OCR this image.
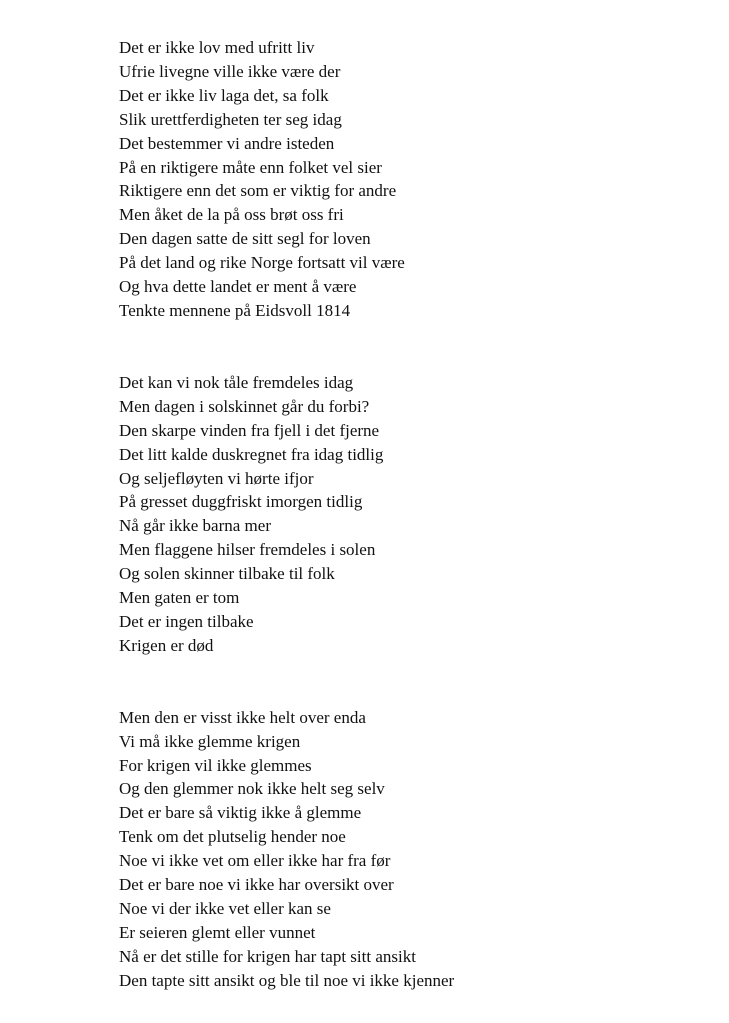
Det er ikke lov med ufritt liv
Ufrie livegne ville ikke være der
Det er ikke liv laga det, sa folk
Slik urettferdigheten ter seg idag
Det bestemmer vi andre isteden
På en riktigere måte enn folket vel sier
Riktigere enn det som er viktig for andre
Men åket de la på oss brøt oss fri
Den dagen satte de sitt segl for loven
På det land og rike Norge fortsatt vil være
Og hva dette landet er ment å være
Tenkte mennene på Eidsvoll 1814
Det kan vi nok tåle fremdeles idag
Men dagen i solskinnet går du forbi?
Den skarpe vinden fra fjell i det fjerne
Det litt kalde duskregnet fra idag tidlig
Og seljefløyten vi hørte ifjor
På gresset duggfriskt imorgen tidlig
Nå går ikke barna mer
Men flaggene hilser fremdeles i solen
Og solen skinner tilbake til folk
Men gaten er tom
Det er ingen tilbake
Krigen er død
Men den er visst ikke helt over enda
Vi må ikke glemme krigen
For krigen vil ikke glemmes
Og den glemmer nok ikke helt seg selv
Det er bare så viktig ikke å glemme
Tenk om det plutselig hender noe
Noe vi ikke vet om eller ikke har fra før
Det er bare noe vi ikke har oversikt over
Noe vi der ikke vet eller kan se
Er seieren glemt eller vunnet
Nå er det stille for krigen har tapt sitt ansikt
Den tapte sitt ansikt og ble til noe vi ikke kjenner
